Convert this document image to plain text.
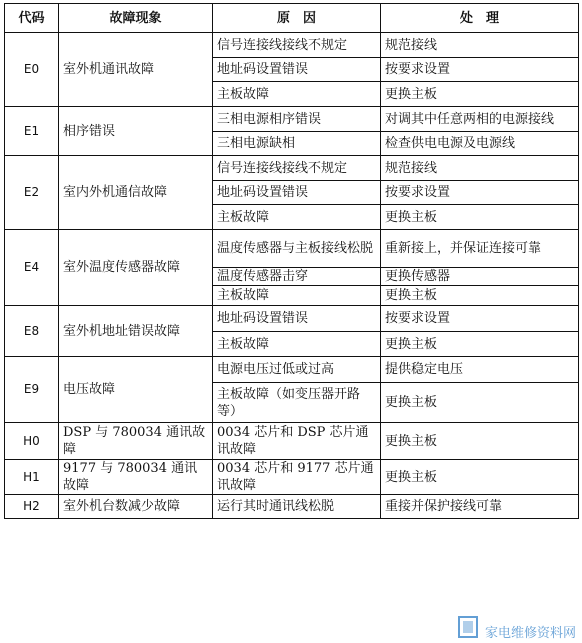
代码	故障现象	原　因	处　理
E0	室外机通讯故障	信号连接线接线不规定	规范接线
		地址码设置错误	按要求设置
		主板故障	更换主板
E1	相序错误	三相电源相序错误	对调其中任意两相的电源接线
		三相电源缺相	检查供电电源及电源线
E2	室内外机通信故障	信号连接线接线不规定	规范接线
		地址码设置错误	按要求设置
		主板故障	更换主板
E4	室外温度传感器故障	温度传感器与主板接线松脱	重新接上，并保证连接可靠
		温度传感器击穿	更换传感器
		主板故障	更换主板
E8	室外机地址错误故障	地址码设置错误	按要求设置
		主板故障	更换主板
E9	电压故障	电源电压过低或过高	提供稳定电压
		主板故障（如变压器开路等）	更换主板
H0	DSP 与 780034 通讯故障	0034 芯片和 DSP 芯片通讯故障	更换主板
H1	9177 与 780034 通讯故障	0034 芯片和 9177 芯片通讯故障	更换主板
H2	室外机台数减少故障	运行其时通讯线松脱	重接并保护接线可靠
家电维修资料网
